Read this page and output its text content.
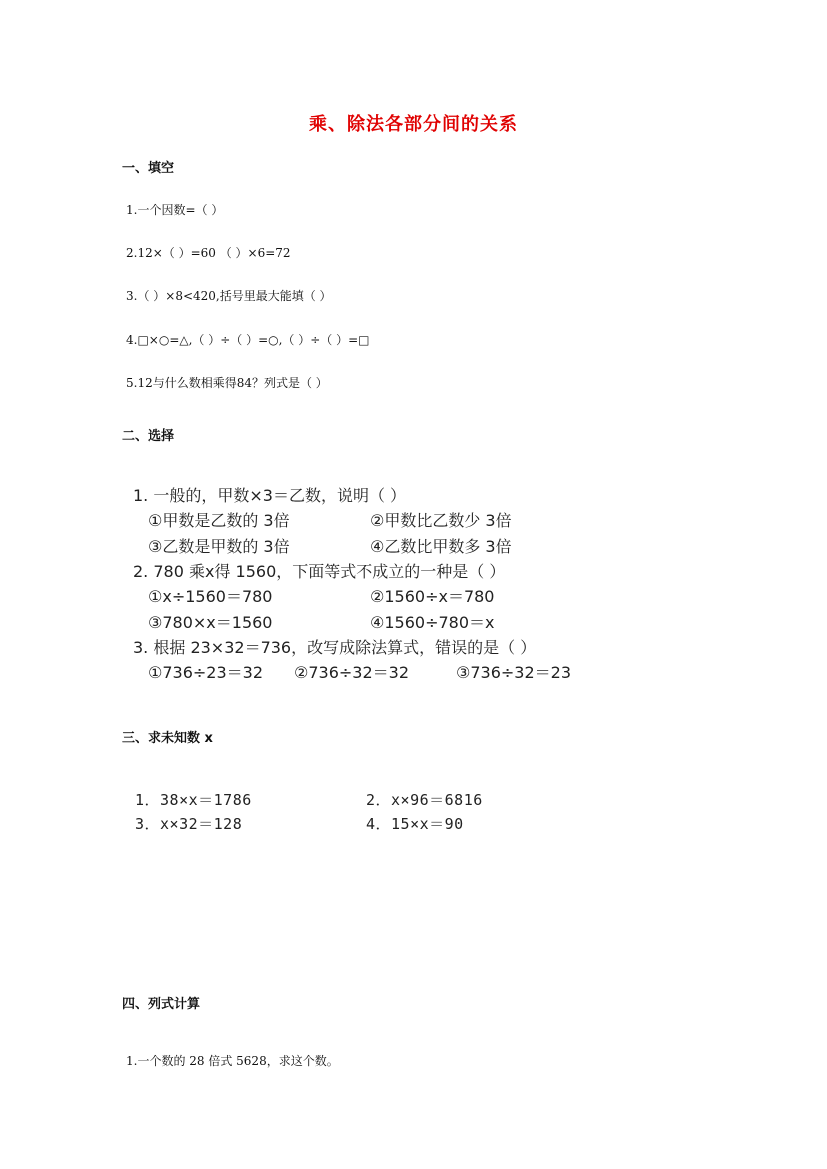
乘、除法各部分间的关系
一、填空
1.一个因数=（ ）
2.12×（ ）=60 （ ）×6=72
3.（ ）×8<420,括号里最大能填（ ）
4.□×○=△,（ ）÷（ ）=○,（ ）÷（ ）=□
5.12与什么数相乘得84？列式是（ ）
二、选择
1. 一般的，甲数×3＝乙数，说明（ ）
①甲数是乙数的 3倍	②甲数比乙数少 3倍
③乙数是甲数的 3倍	④乙数比甲数多 3倍
2. 780 乘x得 1560，下面等式不成立的一种是（ ）
①x÷1560＝780	②1560÷x＝780
③780×x＝1560	④1560÷780＝x
3. 根据 23×32＝736，改写成除法算式，错误的是（ ）
①736÷23＝32 ②736÷32＝32	③736÷32＝23
三、求未知数 x
1．38×x＝1786	2．x×96＝6816
3．x×32＝128	4．15×x＝90
四、列式计算
1.一个数的 28 倍式 5628，求这个数。
